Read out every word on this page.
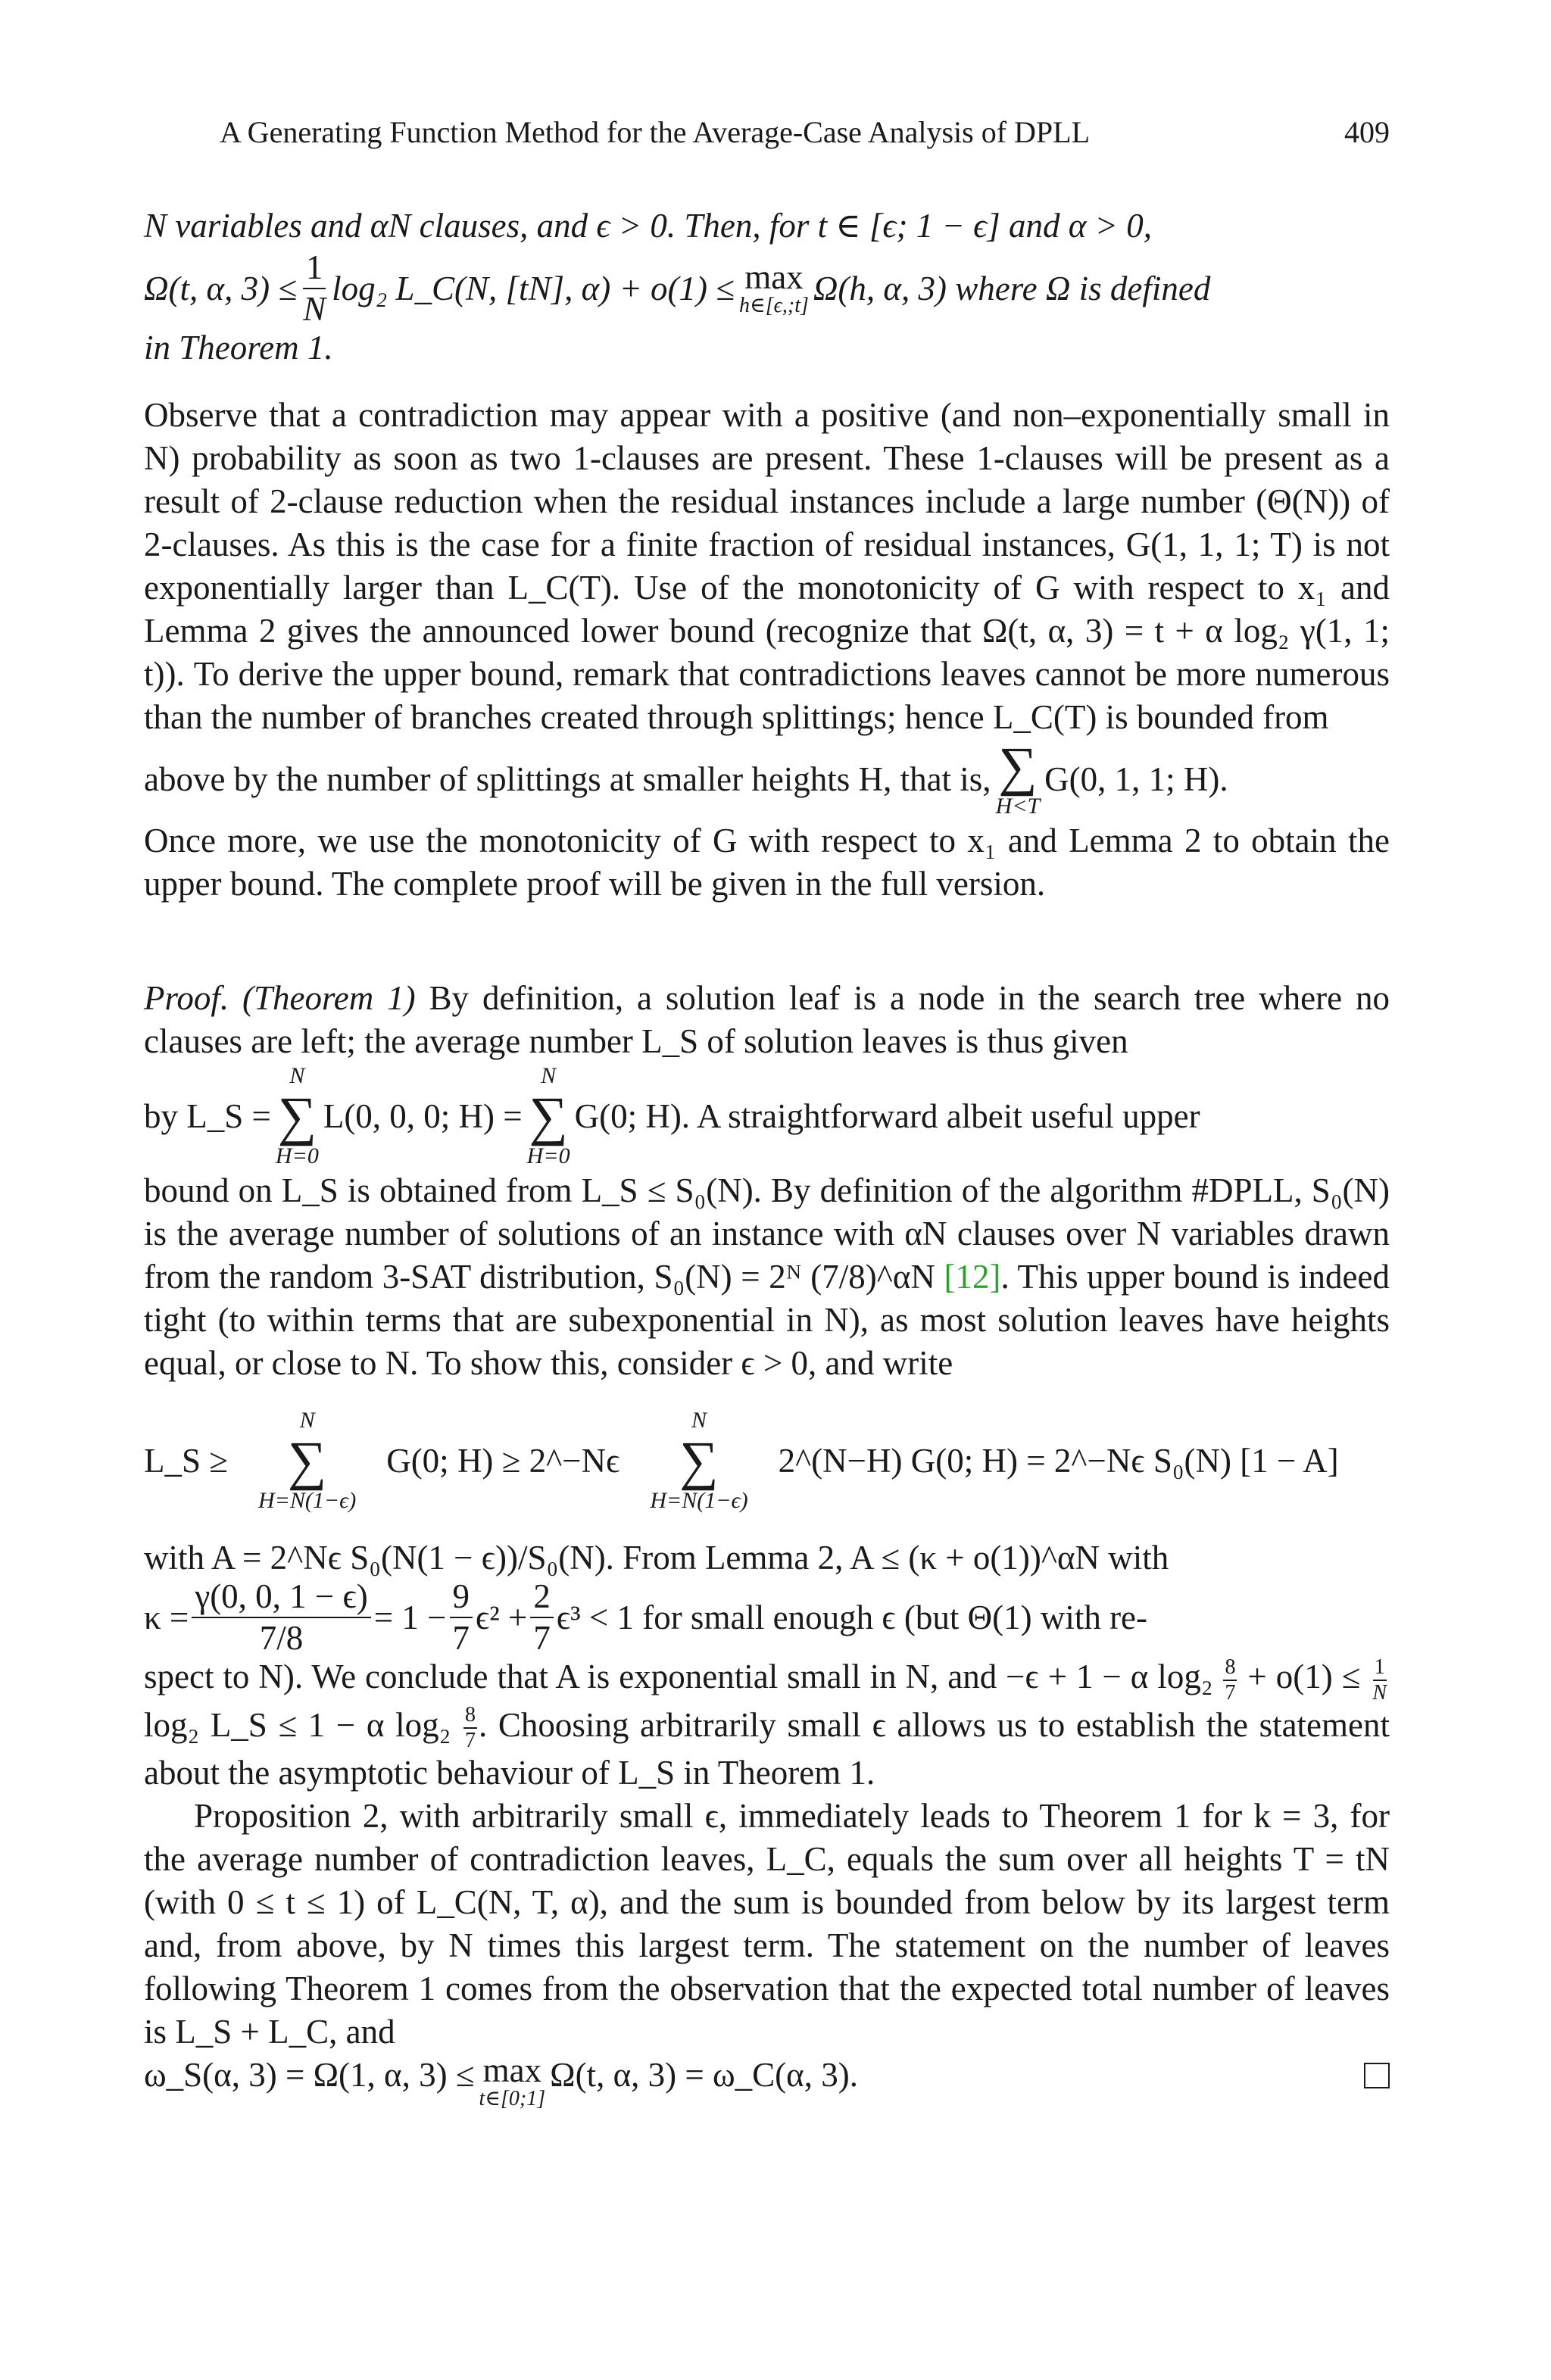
A Generating Function Method for the Average-Case Analysis of DPLL	409

N variables and αN clauses, and ϵ > 0. Then, for t ∈ [ϵ; 1 − ϵ] and α > 0,

Ω(t, α, $3) \le \frac{1}{N} \log_2$ L_C(N, [tN], α) + o(1) ≤ max
h∈[ϵ,;t] Ω(h, α, 3) where Ω is defined

in Theorem 1.

Observe that a contradiction may appear with a positive (and non–exponentially small in N) probability as soon as two 1-clauses are present. These 1-clauses will be present as a result of 2-clause reduction when the residual instances include a large number (Θ(N)) of 2-clauses. As this is the case for a finite fraction of residual instances, G(1, 1, 1; T) is not exponentially larger than L_C(T). Use of the monotonicity of G with respect to x₁ and Lemma 2 gives the announced lower bound (recognize that Ω(t, α, 3) = t + α log₂ γ(1, 1; t)). To derive the upper bound, remark that contradictions leaves cannot be more numerous than the number of branches created through splittings; hence L_C(T) is bounded from

above by the number of splittings at smaller heights H, that is, ∑
H<T
G(0, 1, 1; H).

Once more, we use the monotonicity of G with respect to x₁ and Lemma 2 to obtain the upper bound. The complete proof will be given in the full version.

Proof. (Theorem 1) By definition, a solution leaf is a node in the search tree where no clauses are left; the average number L_S of solution leaves is thus given

by L_S =
N
∑
H=0
L(0, 0, 0; H) =
N
∑
H=0
G(0; H). A straightforward albeit useful upper

bound on L_S is obtained from L_S ≤ S₀(N). By definition of the algorithm #DPLL, S₀(N) is the average number of solutions of an instance with αN clauses over N variables drawn from the random 3-SAT distribution, S₀(N) = 2ᴺ (7/8)^αN [12]. This upper bound is indeed tight (to within terms that are subexponential in N), as most solution leaves have heights equal, or close to N. To show this, consider ϵ > 0, and write

L_S ≥
N
∑
H=N(1−ϵ)
G(0; H) ≥ 2^−Nϵ
N
∑
H=N(1−ϵ)
2^(N−H) G(0; H) = 2^−Nϵ S₀(N) [1 − A]

with A = 2^Nϵ S₀(N(1 − ϵ))/S₀(N). From Lemma 2, A ≤ (κ + o(1))^αN with

$\kappa = \frac{\gamma(0, 0, 1 - \epsilon)}{7/8} = 1 - \frac{9}{7} \epsilon^2 + \frac{2}{7} \epsilon^3 < 1$ for small enough ϵ (but Θ(1) with re-

spect to N). We conclude that A is exponential small in N, and −ϵ + 1 − α $\log_2 \frac{8}{7} + o(1) \le \frac{1}{N}$
log₂ L_S ≤ 1 − α $\log_2 \frac{8}{7}$ . Choosing arbitrarily small ϵ allows us to establish the statement about the asymptotic behaviour of L_S in Theorem 1.

Proposition 2, with arbitrarily small ϵ, immediately leads to Theorem 1 for k = 3, for the average number of contradiction leaves, L_C, equals the sum over all heights T = tN (with 0 ≤ t ≤ 1) of L_C(N, T, α), and the sum is bounded from below by its largest term and, from above, by N times this largest term. The statement on the number of leaves following Theorem 1 comes from the observation that the expected total number of leaves is L_S + L_C, and

ω_S(α, 3) = Ω(1, α, 3) ≤ max
t∈[0;1]
Ω(t, α, 3) = ω_C(α, 3).
